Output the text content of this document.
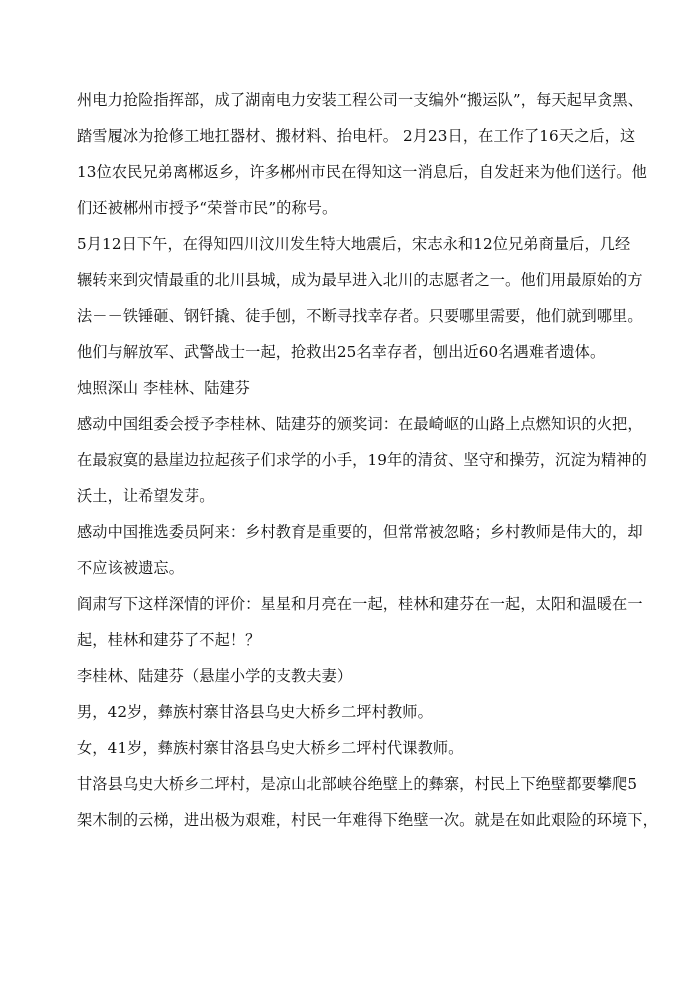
州电力抢险指挥部，成了湖南电力安装工程公司一支编外“搬运队”，每天起早贪黑、
踏雪履冰为抢修工地扛器材、搬材料、抬电杆。 2月23日，在工作了16天之后，这
13位农民兄弟离郴返乡，许多郴州市民在得知这一消息后，自发赶来为他们送行。他
们还被郴州市授予“荣誉市民”的称号。
5月12日下午，在得知四川汶川发生特大地震后，宋志永和12位兄弟商量后，几经
辗转来到灾情最重的北川县城，成为最早进入北川的志愿者之一。他们用最原始的方
法－－铁锤砸、钢钎撬、徒手刨，不断寻找幸存者。只要哪里需要，他们就到哪里。
他们与解放军、武警战士一起，抢救出25名幸存者，刨出近60名遇难者遗体。
烛照深山 李桂林、陆建芬
感动中国组委会授予李桂林、陆建芬的颁奖词：在最崎岖的山路上点燃知识的火把，
在最寂寞的悬崖边拉起孩子们求学的小手，19年的清贫、坚守和操劳，沉淀为精神的
沃土，让希望发芽。
感动中国推选委员阿来：乡村教育是重要的，但常常被忽略；乡村教师是伟大的，却
不应该被遗忘。
阎肃写下这样深情的评价：星星和月亮在一起，桂林和建芬在一起，太阳和温暖在一
起，桂林和建芬了不起！？
李桂林、陆建芬（悬崖小学的支教夫妻）
男，42岁，彝族村寨甘洛县乌史大桥乡二坪村教师。
女，41岁，彝族村寨甘洛县乌史大桥乡二坪村代课教师。
甘洛县乌史大桥乡二坪村，是凉山北部峡谷绝壁上的彝寨，村民上下绝壁都要攀爬5
架木制的云梯，进出极为艰难，村民一年难得下绝壁一次。就是在如此艰险的环境下，
